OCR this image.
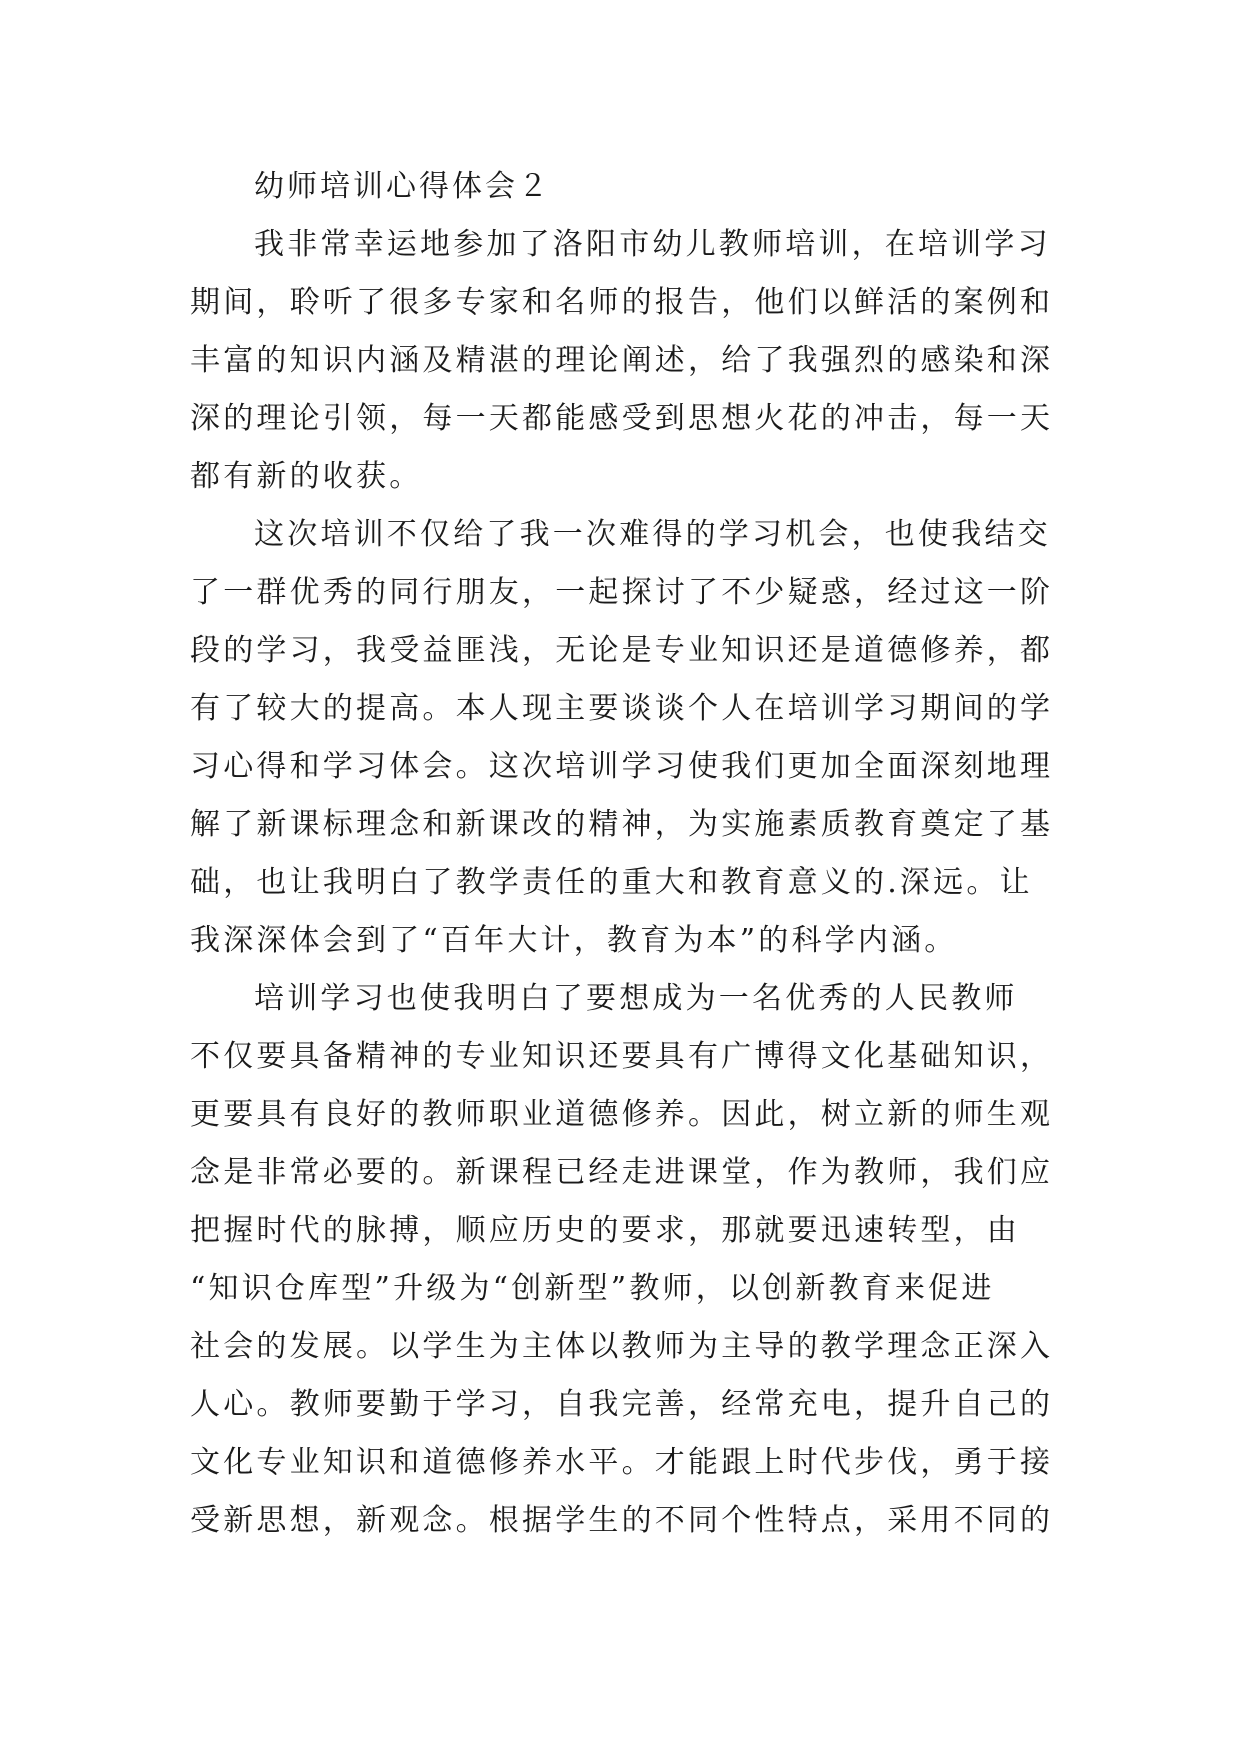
幼师培训心得体会２
我非常幸运地参加了洛阳市幼儿教师培训，在培训学习
期间，聆听了很多专家和名师的报告，他们以鲜活的案例和
丰富的知识内涵及精湛的理论阐述，给了我强烈的感染和深
深的理论引领，每一天都能感受到思想火花的冲击，每一天
都有新的收获。
这次培训不仅给了我一次难得的学习机会，也使我结交
了一群优秀的同行朋友，一起探讨了不少疑惑，经过这一阶
段的学习，我受益匪浅，无论是专业知识还是道德修养，都
有了较大的提高。本人现主要谈谈个人在培训学习期间的学
习心得和学习体会。这次培训学习使我们更加全面深刻地理
解了新课标理念和新课改的精神，为实施素质教育奠定了基
础，也让我明白了教学责任的重大和教育意义的.深远。让
我深深体会到了“百年大计，教育为本”的科学内涵。
培训学习也使我明白了要想成为一名优秀的人民教师
不仅要具备精神的专业知识还要具有广博得文化基础知识，
更要具有良好的教师职业道德修养。因此，树立新的师生观
念是非常必要的。新课程已经走进课堂，作为教师，我们应
把握时代的脉搏，顺应历史的要求，那就要迅速转型，由
“知识仓库型”升级为“创新型”教师，以创新教育来促进
社会的发展。以学生为主体以教师为主导的教学理念正深入
人心。教师要勤于学习，自我完善，经常充电，提升自己的
文化专业知识和道德修养水平。才能跟上时代步伐，勇于接
受新思想，新观念。根据学生的不同个性特点，采用不同的
